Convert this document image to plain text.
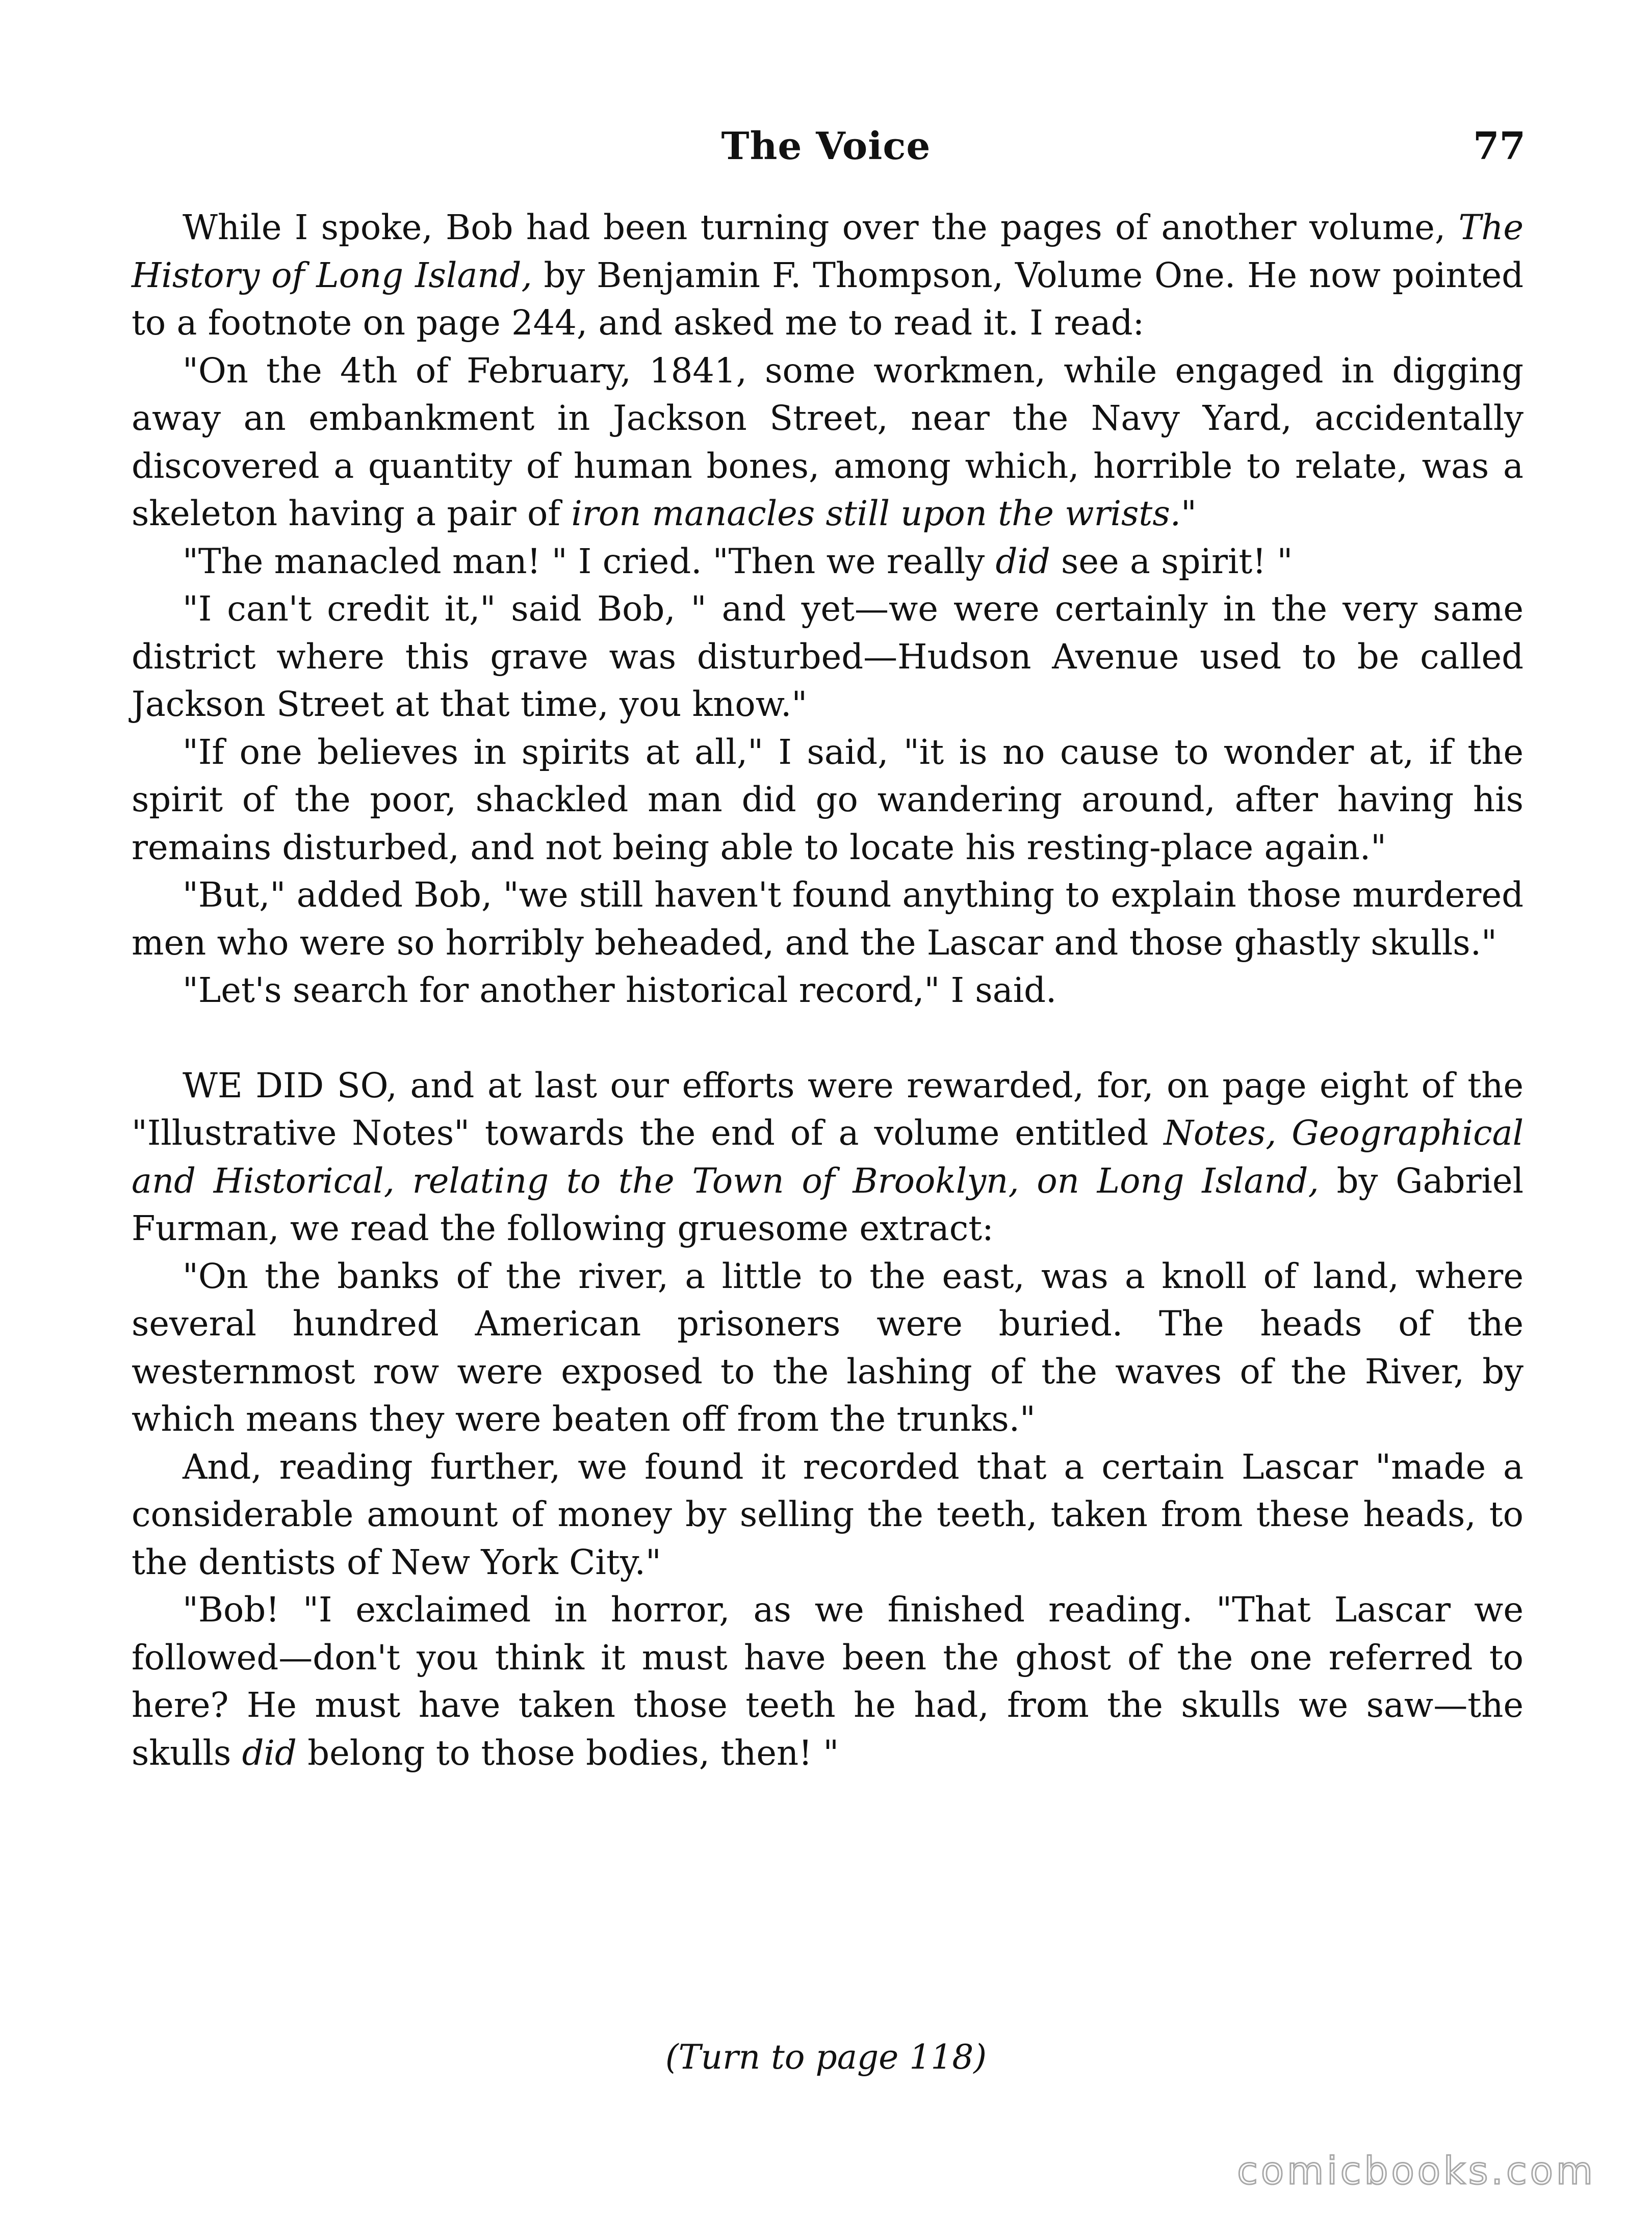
The Voice	77

While I spoke, Bob had been turning over the pages of another volume, The History of Long Island, by Benjamin F. Thompson, Volume One. He now pointed to a footnote on page 244, and asked me to read it. I read:

"On the 4th of February, 1841, some workmen, while engaged in digging away an embankment in Jackson Street, near the Navy Yard, accidentally discovered a quantity of human bones, among which, horrible to relate, was a skeleton having a pair of iron manacles still upon the wrists."

"The manacled man! " I cried. "Then we really did see a spirit! "

"I can't credit it," said Bob, " and yet—we were certainly in the very same district where this grave was disturbed—Hudson Avenue used to be called Jackson Street at that time, you know."

"If one believes in spirits at all," I said, "it is no cause to wonder at, if the spirit of the poor, shackled man did go wandering around, after having his remains disturbed, and not being able to locate his resting-place again."

"But," added Bob, "we still haven't found anything to explain those murdered men who were so horribly beheaded, and the Lascar and those ghastly skulls."

"Let's search for another historical record," I said.

WE DID SO, and at last our efforts were rewarded, for, on page eight of the "Illustrative Notes" towards the end of a volume entitled Notes, Geographical and Historical, relating to the Town of Brooklyn, on Long Island, by Gabriel Furman, we read the following gruesome extract:

"On the banks of the river, a little to the east, was a knoll of land, where several hundred American prisoners were buried. The heads of the westernmost row were exposed to the lashing of the waves of the River, by which means they were beaten off from the trunks."

And, reading further, we found it recorded that a certain Lascar "made a considerable amount of money by selling the teeth, taken from these heads, to the dentists of New York City."

"Bob! "I exclaimed in horror, as we finished reading. "That Lascar we followed—don't you think it must have been the ghost of the one referred to here? He must have taken those teeth he had, from the skulls we saw—the skulls did belong to those bodies, then! "

(Turn to page 118)
comicbooks.com
